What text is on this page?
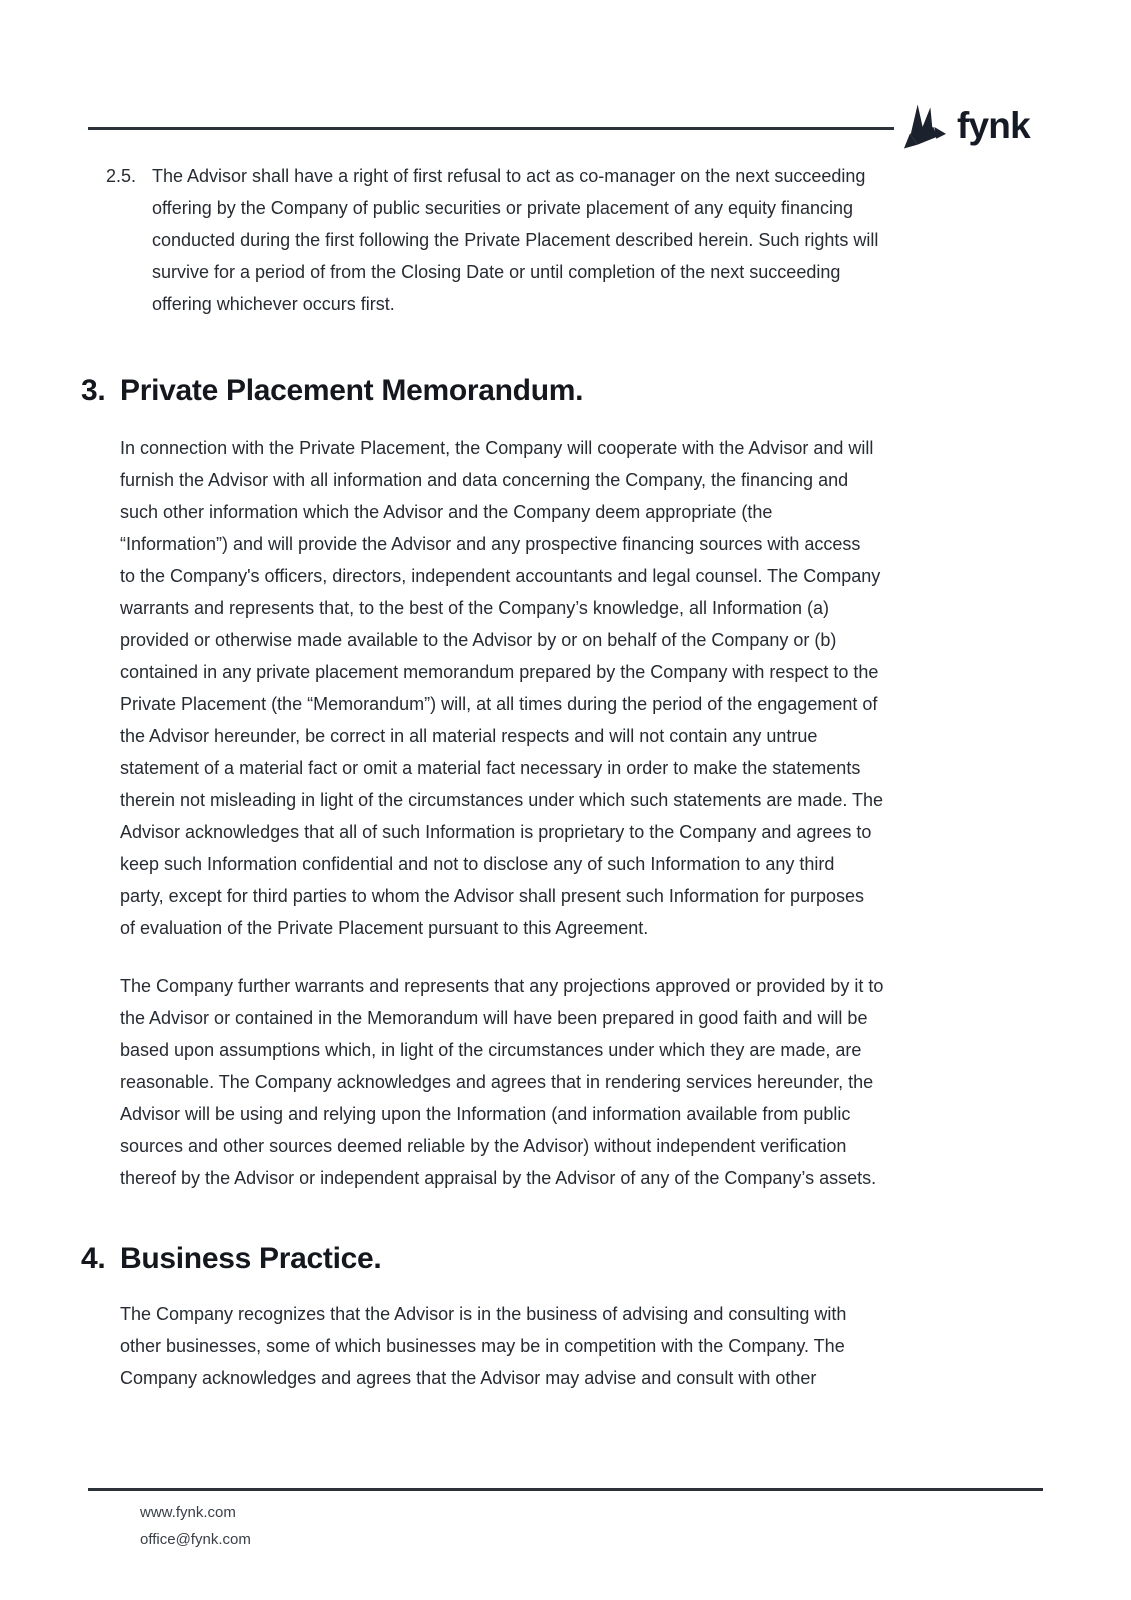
fynk
2.5. The Advisor shall have a right of first refusal to act as co-manager on the next succeeding
offering by the Company of public securities or private placement of any equity financing
conducted during the first following the Private Placement described herein. Such rights will
survive for a period of from the Closing Date or until completion of the next succeeding
offering whichever occurs first.
3. Private Placement Memorandum.
In connection with the Private Placement, the Company will cooperate with the Advisor and will
furnish the Advisor with all information and data concerning the Company, the financing and
such other information which the Advisor and the Company deem appropriate (the
“Information”) and will provide the Advisor and any prospective financing sources with access
to the Company's officers, directors, independent accountants and legal counsel. The Company
warrants and represents that, to the best of the Company’s knowledge, all Information (a)
provided or otherwise made available to the Advisor by or on behalf of the Company or (b)
contained in any private placement memorandum prepared by the Company with respect to the
Private Placement (the “Memorandum”) will, at all times during the period of the engagement of
the Advisor hereunder, be correct in all material respects and will not contain any untrue
statement of a material fact or omit a material fact necessary in order to make the statements
therein not misleading in light of the circumstances under which such statements are made. The
Advisor acknowledges that all of such Information is proprietary to the Company and agrees to
keep such Information confidential and not to disclose any of such Information to any third
party, except for third parties to whom the Advisor shall present such Information for purposes
of evaluation of the Private Placement pursuant to this Agreement.
The Company further warrants and represents that any projections approved or provided by it to
the Advisor or contained in the Memorandum will have been prepared in good faith and will be
based upon assumptions which, in light of the circumstances under which they are made, are
reasonable. The Company acknowledges and agrees that in rendering services hereunder, the
Advisor will be using and relying upon the Information (and information available from public
sources and other sources deemed reliable by the Advisor) without independent verification
thereof by the Advisor or independent appraisal by the Advisor of any of the Company’s assets.
4. Business Practice.
The Company recognizes that the Advisor is in the business of advising and consulting with
other businesses, some of which businesses may be in competition with the Company. The
Company acknowledges and agrees that the Advisor may advise and consult with other
www.fynk.com
office@fynk.com
